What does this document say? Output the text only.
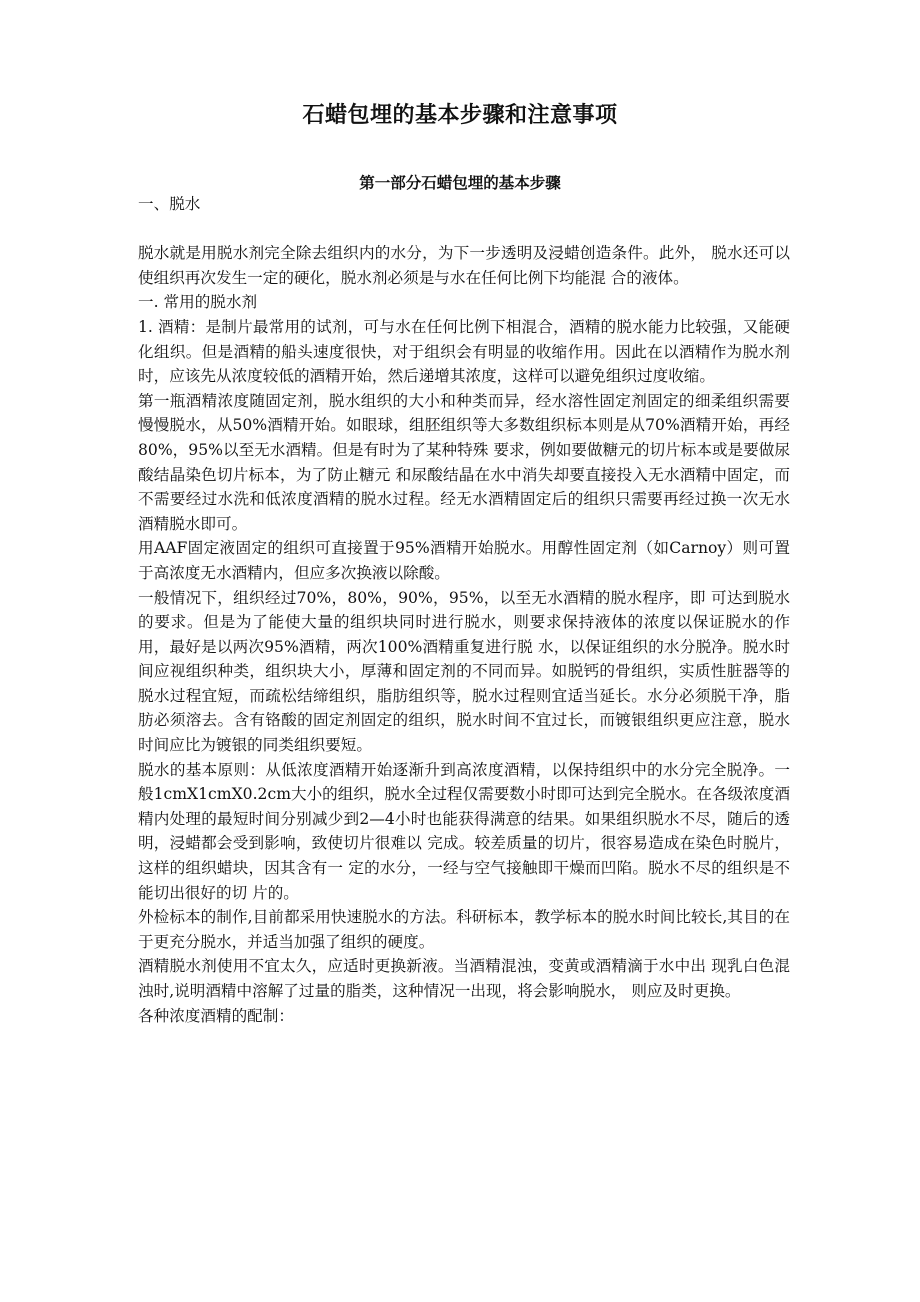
石蜡包埋的基本步骤和注意事项
第一部分石蜡包埋的基本步骤

一、脱水

脱水就是用脱水剂完全除去组织内的水分，为下一步透明及浸蜡创造条件。此外， 脱水还可以使组织再次发生一定的硬化，脱水剂必须是与水在任何比例下均能混 合的液体。

一. 常用的脱水剂

1. 酒精：是制片最常用的试剂，可与水在任何比例下相混合，酒精的脱水能力比较强，又能硬化组织。但是酒精的船头速度很快，对于组织会有明显的收缩作用。因此在以酒精作为脱水剂时，应该先从浓度较低的酒精开始，然后递增其浓度，这样可以避免组织过度收缩。

第一瓶酒精浓度随固定剂，脱水组织的大小和种类而异，经水溶性固定剂固定的细柔组织需要慢慢脱水，从50%酒精开始。如眼球，组胚组织等大多数组织标本则是从70%酒精开始，再经80%，95%以至无水酒精。但是有时为了某种特殊 要求，例如要做糖元的切片标本或是要做尿酸结晶染色切片标本，为了防止糖元 和尿酸结晶在水中消失却要直接投入无水酒精中固定，而不需要经过水洗和低浓度酒精的脱水过程。经无水酒精固定后的组织只需要再经过换一次无水酒精脱水即可。

用AAF固定液固定的组织可直接置于95%酒精开始脱水。用醇性固定剂（如Carnoy）则可置于高浓度无水酒精内，但应多次换液以除酸。

一般情况下，组织经过70%，80%，90%，95%，以至无水酒精的脱水程序，即 可达到脱水的要求。但是为了能使大量的组织块同时进行脱水，则要求保持液体的浓度以保证脱水的作用，最好是以两次95%酒精，两次100%酒精重复进行脱 水，以保证组织的水分脱净。脱水时间应视组织种类，组织块大小，厚薄和固定剂的不同而异。如脱钙的骨组织，实质性脏器等的脱水过程宜短，而疏松结缔组织，脂肪组织等，脱水过程则宜适当延长。水分必须脱干净，脂肪必须溶去。含有铬酸的固定剂固定的组织，脱水时间不宜过长，而镀银组织更应注意，脱水时间应比为镀银的同类组织要短。

脱水的基本原则：从低浓度酒精开始逐渐升到高浓度酒精，以保持组织中的水分完全脱净。一般1cmX1cmX0.2cm大小的组织，脱水全过程仅需要数小时即可达到完全脱水。在各级浓度酒精内处理的最短时间分别减少到2—4小时也能获得满意的结果。如果组织脱水不尽，随后的透明，浸蜡都会受到影响，致使切片很难以 完成。较差质量的切片，很容易造成在染色时脱片，这样的组织蜡块，因其含有一 定的水分，一经与空气接触即干燥而凹陷。脱水不尽的组织是不能切出很好的切 片的。

外检标本的制作,目前都采用快速脱水的方法。科研标本，教学标本的脱水时间比较长,其目的在于更充分脱水，并适当加强了组织的硬度。

酒精脱水剂使用不宜太久，应适时更换新液。当酒精混浊，变黄或酒精滴于水中出 现乳白色混浊时,说明酒精中溶解了过量的脂类，这种情况一出现，将会影响脱水， 则应及时更换。

各种浓度酒精的配制：
